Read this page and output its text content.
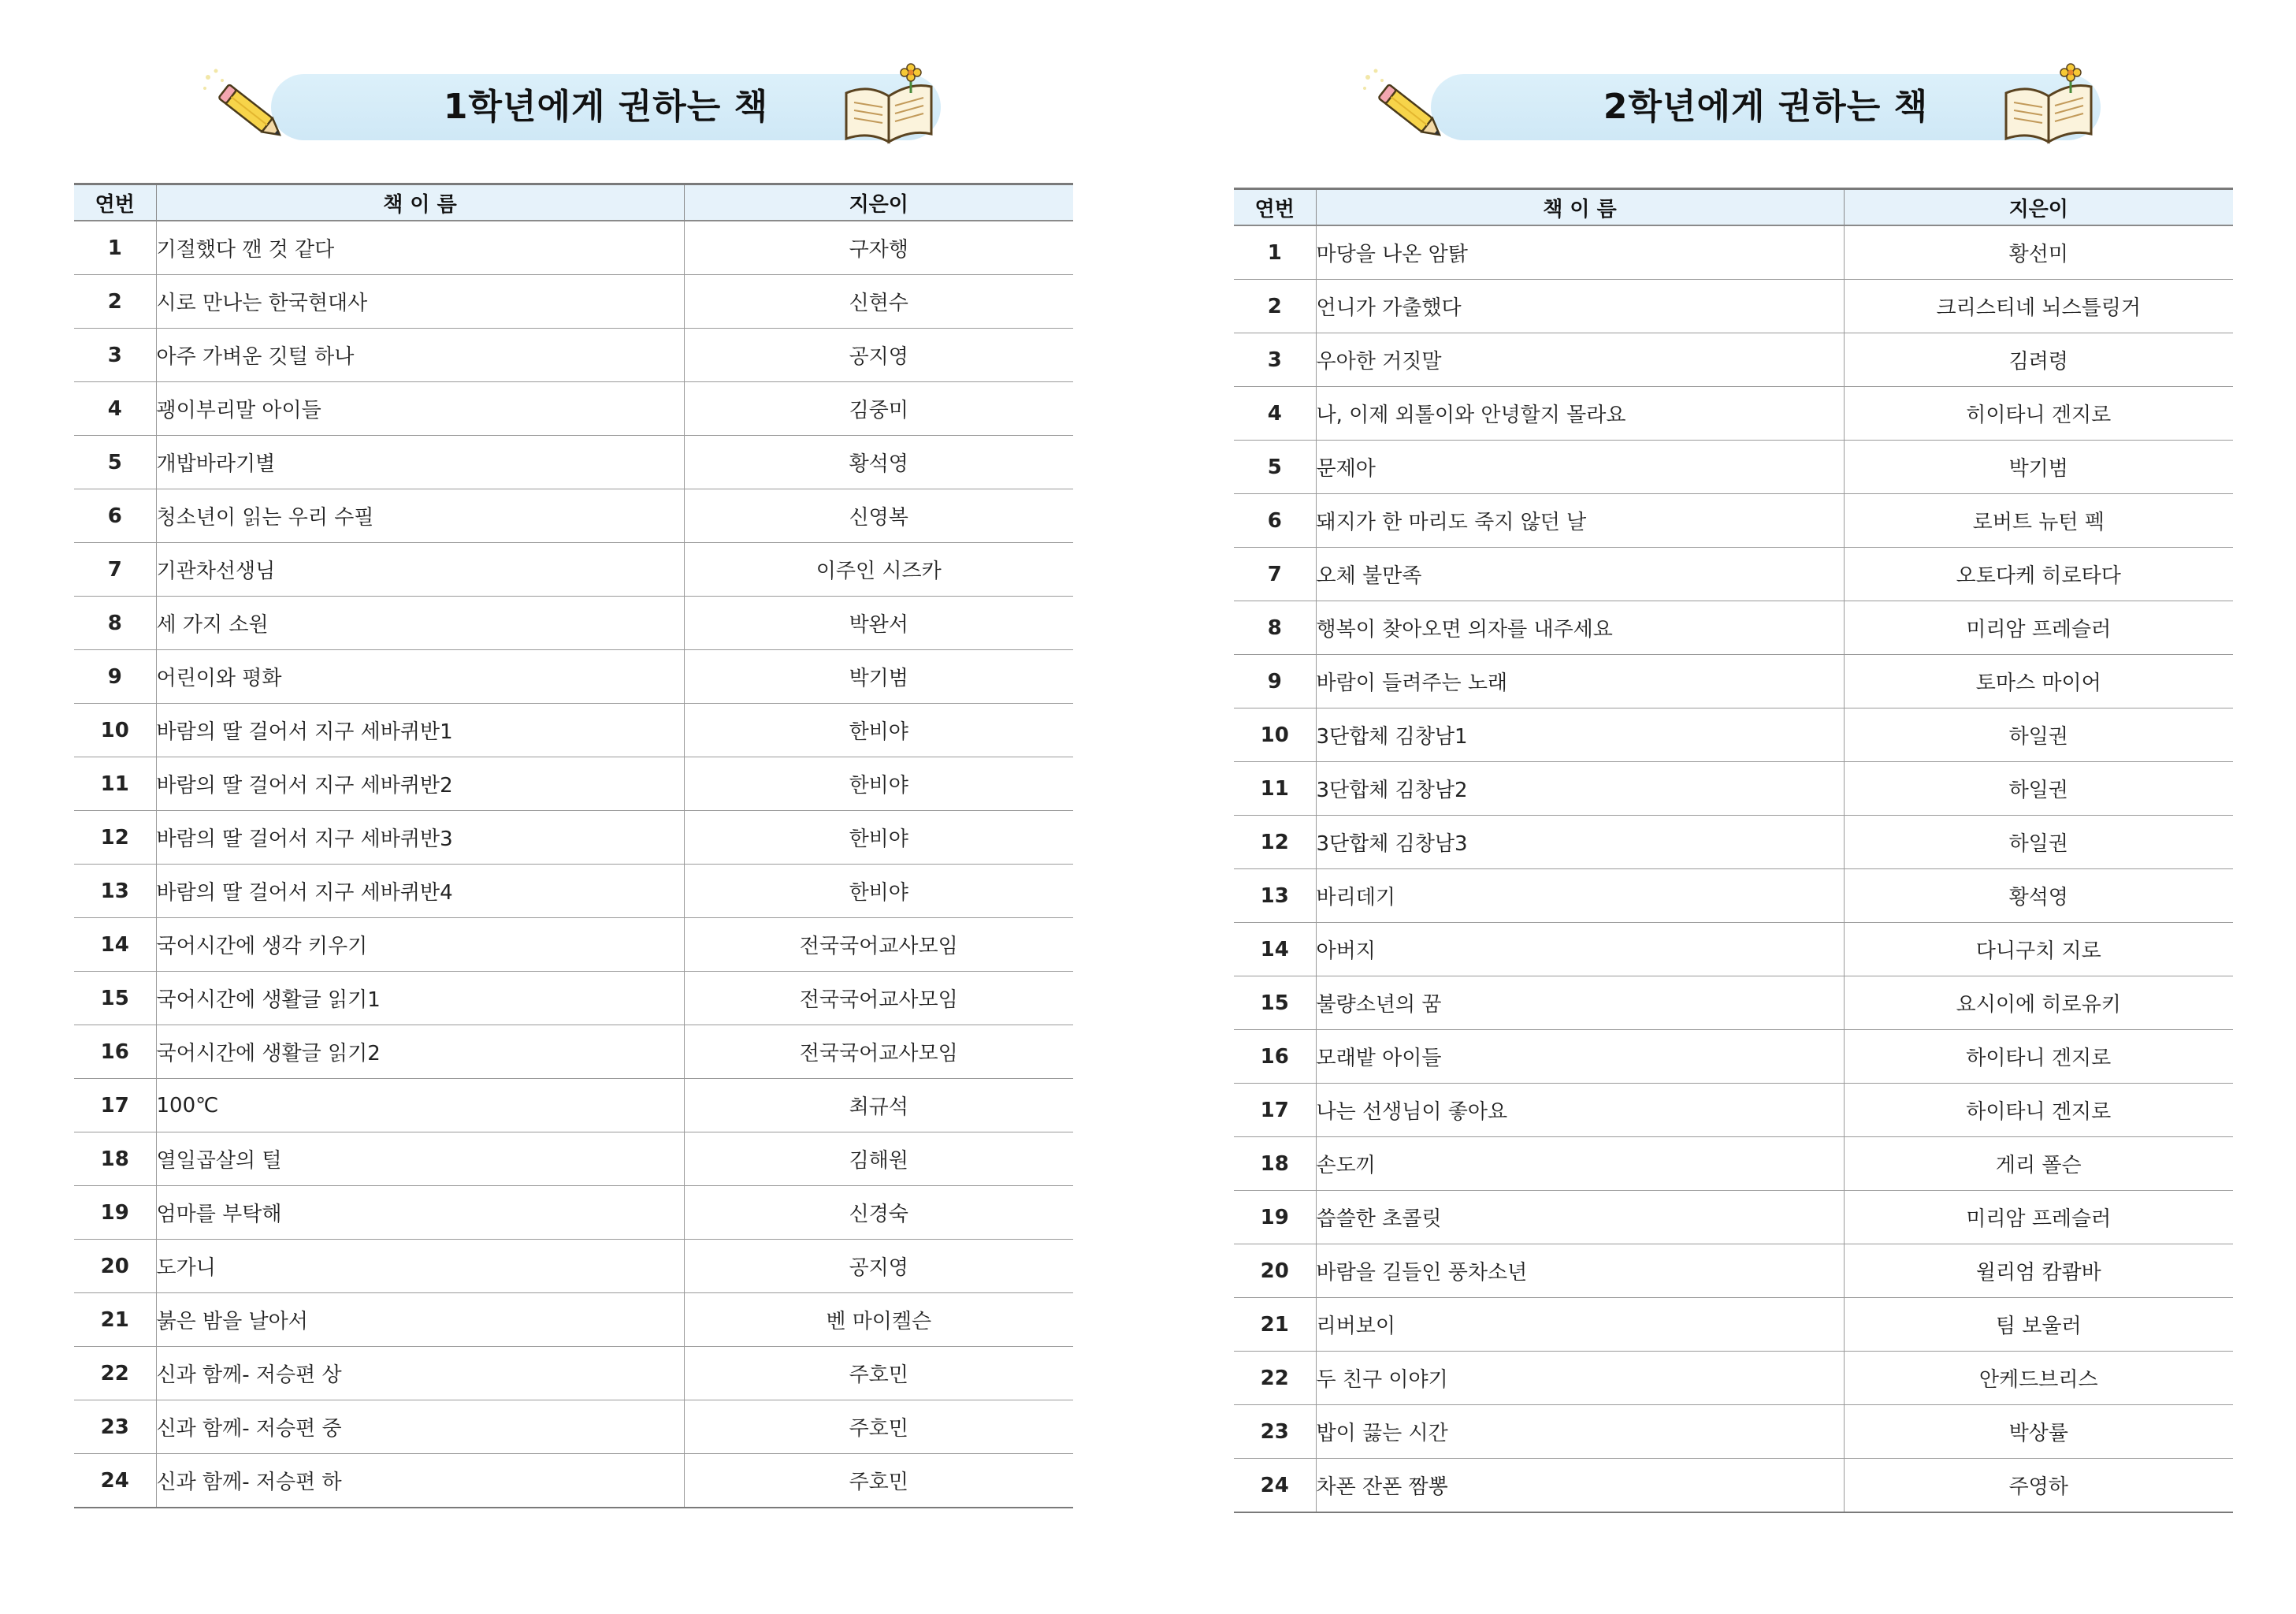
1학년에게 권하는 책
연번	책 이 름	지은이
1	기절했다 깬 것 같다	구자행
2	시로 만나는 한국현대사	신현수
3	아주 가벼운 깃털 하나	공지영
4	괭이부리말 아이들	김중미
5	개밥바라기별	황석영
6	청소년이 읽는 우리 수필	신영복
7	기관차선생님	이주인 시즈카
8	세 가지 소원	박완서
9	어린이와 평화	박기범
10	바람의 딸 걸어서 지구 세바퀴반1	한비야
11	바람의 딸 걸어서 지구 세바퀴반2	한비야
12	바람의 딸 걸어서 지구 세바퀴반3	한비야
13	바람의 딸 걸어서 지구 세바퀴반4	한비야
14	국어시간에 생각 키우기	전국국어교사모임
15	국어시간에 생활글 읽기1	전국국어교사모임
16	국어시간에 생활글 읽기2	전국국어교사모임
17	100℃	최규석
18	열일곱살의 털	김해원
19	엄마를 부탁해	신경숙
20	도가니	공지영
21	붉은 밤을 날아서	벤 마이켈슨
22	신과 함께- 저승편 상	주호민
23	신과 함께- 저승편 중	주호민
24	신과 함께- 저승편 하	주호민
2학년에게 권하는 책
연번	책 이 름	지은이
1	마당을 나온 암탉	황선미
2	언니가 가출했다	크리스티네 뇌스틀링거
3	우아한 거짓말	김려령
4	나, 이제 외톨이와 안녕할지 몰라요	히이타니 겐지로
5	문제아	박기범
6	돼지가 한 마리도 죽지 않던 날	로버트 뉴턴 펙
7	오체 불만족	오토다케 히로타다
8	행복이 찾아오면 의자를 내주세요	미리암 프레슬러
9	바람이 들려주는 노래	토마스 마이어
10	3단합체 김창남1	하일권
11	3단합체 김창남2	하일권
12	3단합체 김창남3	하일권
13	바리데기	황석영
14	아버지	다니구치 지로
15	불량소년의 꿈	요시이에 히로유키
16	모래밭 아이들	하이타니 겐지로
17	나는 선생님이 좋아요	하이타니 겐지로
18	손도끼	게리 폴슨
19	씁쓸한 초콜릿	미리암 프레슬러
20	바람을 길들인 풍차소년	윌리엄 캄쾀바
21	리버보이	팀 보울러
22	두 친구 이야기	안케드브리스
23	밥이 끓는 시간	박상률
24	차폰 잔폰 짬뽕	주영하
